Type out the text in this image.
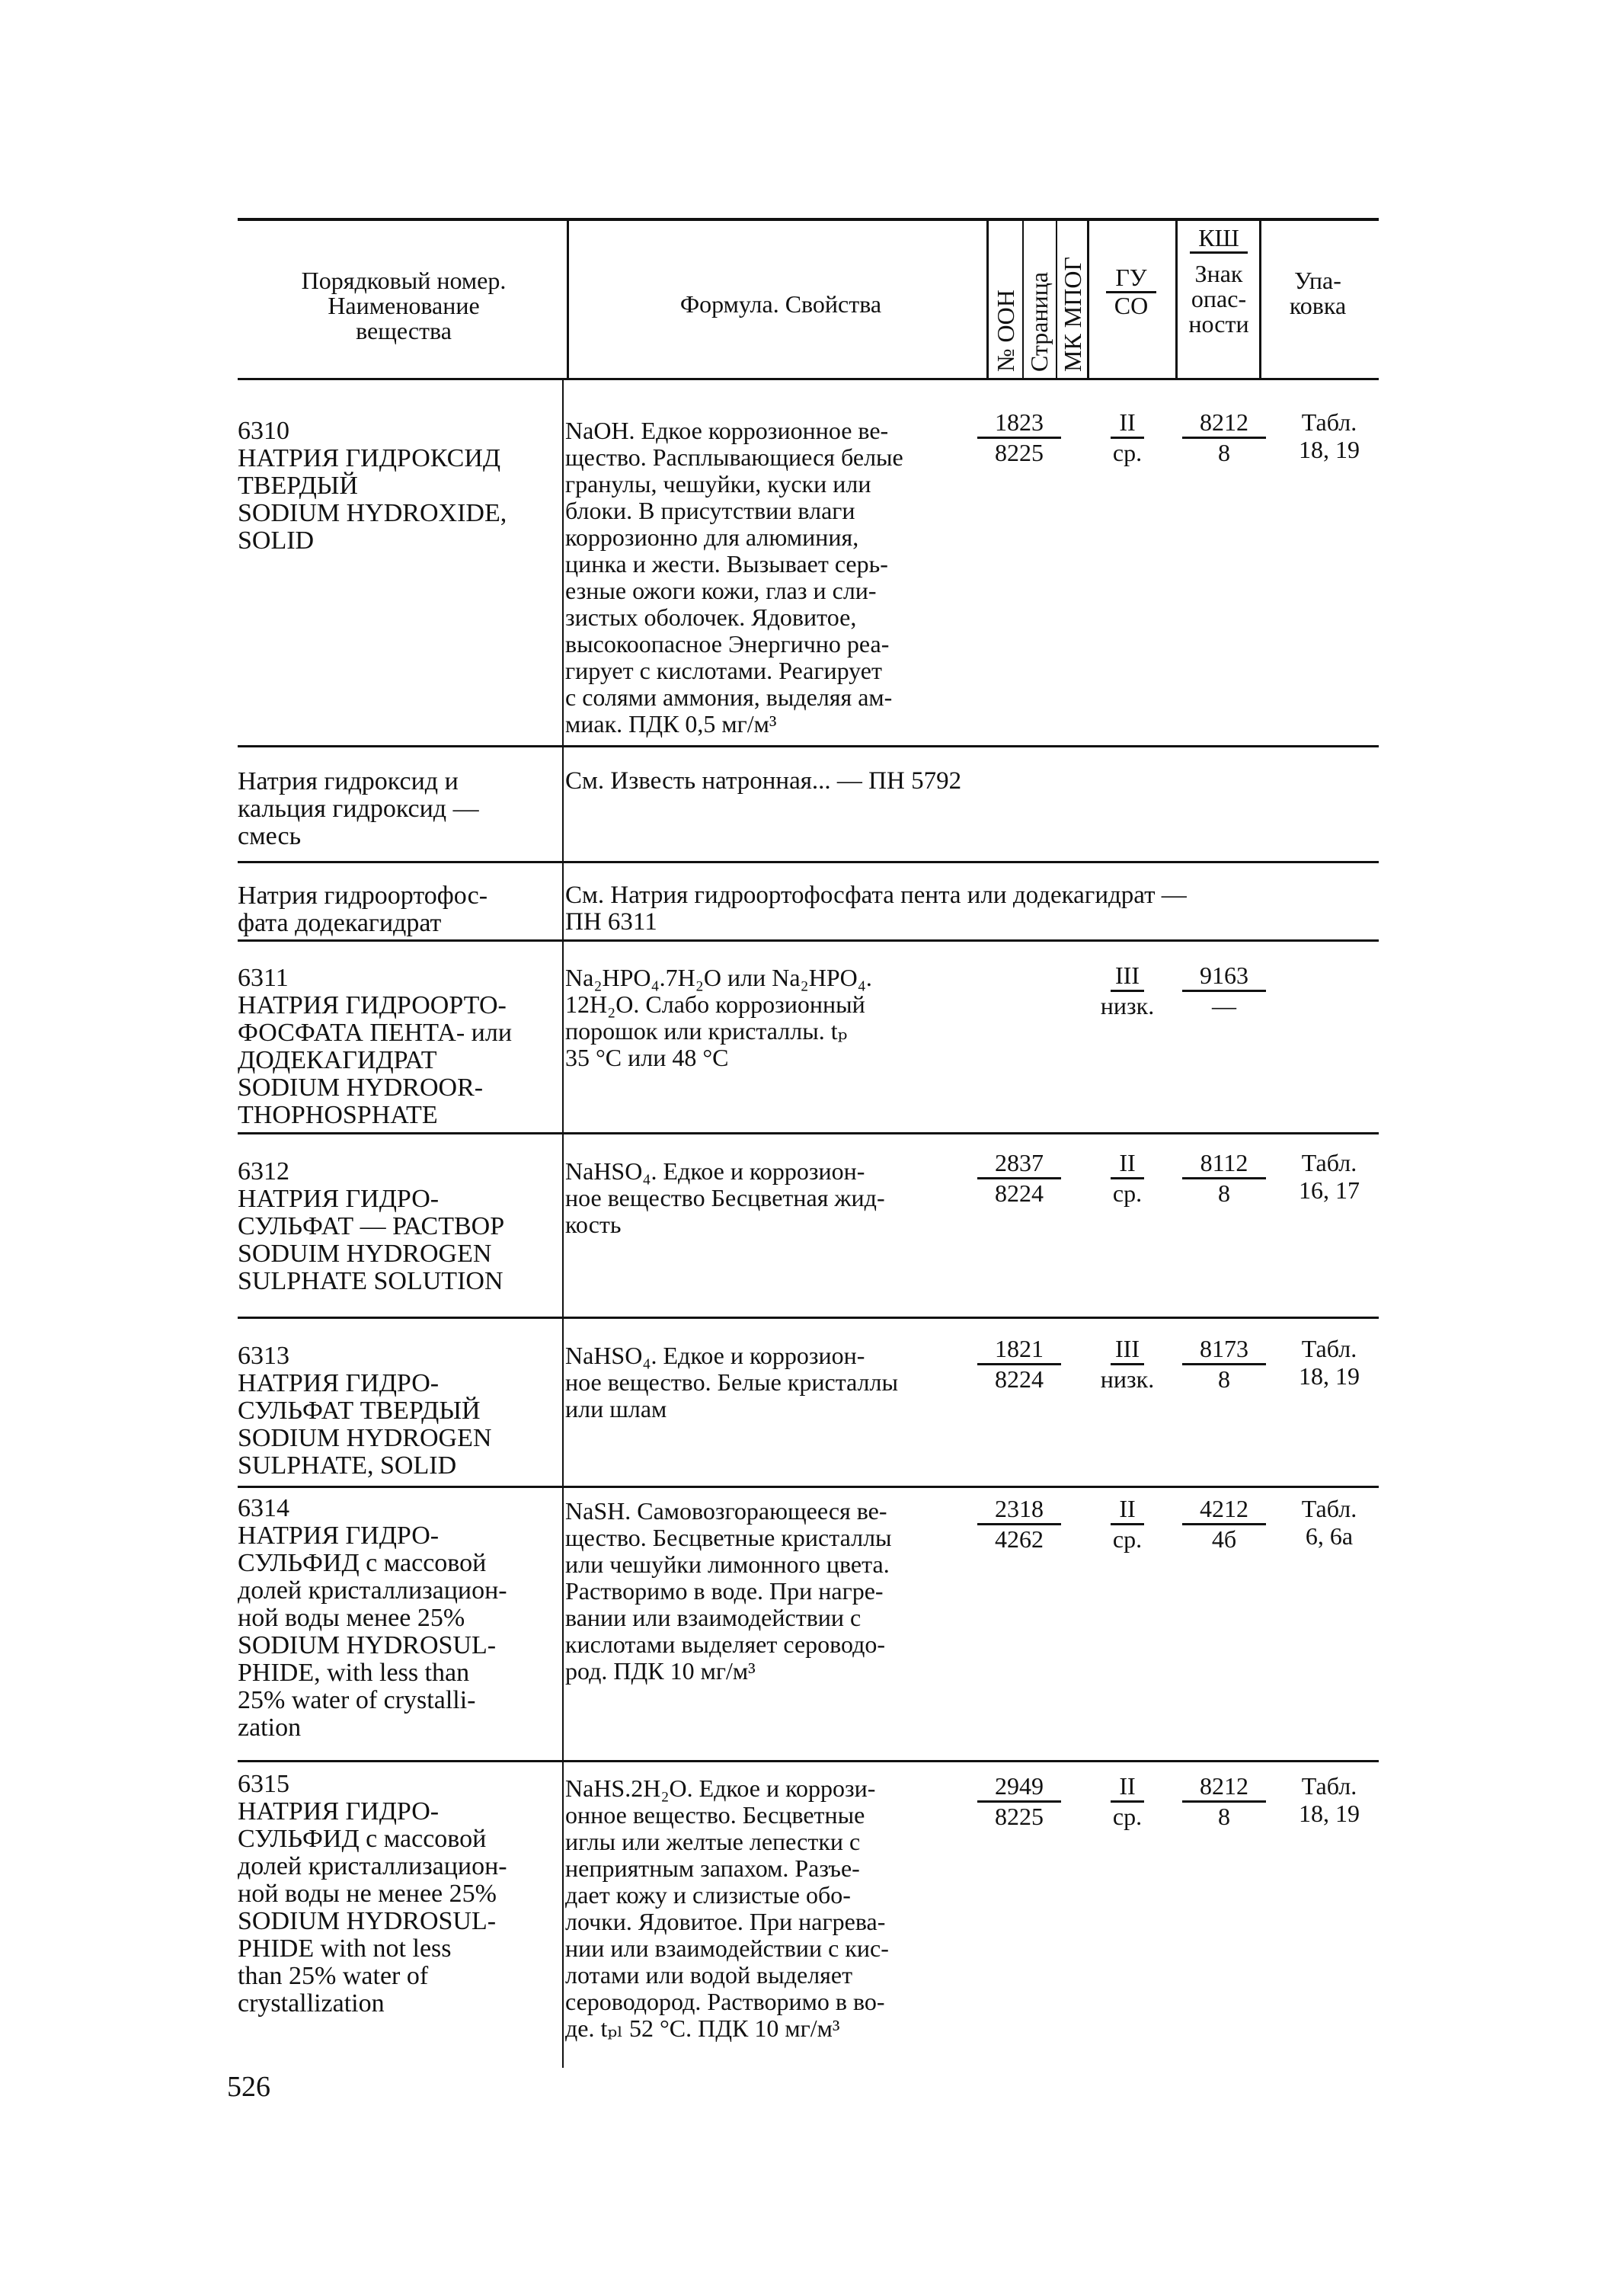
Порядковый номер.
Наименование
вещества
Формула. Свойства	№ ООН Страница МК МПОГ	ГУ
СО
КШ
Знак
опас-
ности
Упа-
ковка
6310
НАТРИЯ ГИДРОКСИД
ТВЕРДЫЙ
SODIUM HYDROXIDE,
SOLID
NaOH. Едкое коррозионное ве-
щество. Расплывающиеся белые
гранулы, чешуйки, куски или
блоки. В присутствии влаги
коррозионно для алюминия,
цинка и жести. Вызывает серь-
езные ожоги кожи, глаз и сли-
зистых оболочек. Ядовитое,
высокоопасное Энергично реа-
гирует с кислотами. Реагирует
с солями аммония, выделяя ам-
миак. ПДК 0,5 мг/м³
1823
8225
II
ср.
8212
8
Табл.
18, 19
Натрия гидроксид и
кальция гидроксид —
смесь
См. Известь натронная... — ПН 5792
Натрия гидроортофос-
фата додекагидрат
См. Натрия гидроортофосфата пента или додекагидрат —
ПН 6311
6311
НАТРИЯ ГИДРООРТО-
ФОСФАТА ПЕНТА- или
ДОДЕКАГИДРАТ
SODIUM HYDROOR-
THOPHOSPHATE
Na₂HPO₄.7H₂O или Na₂HPO₄.
12H₂O. Слабо коррозионный
порошок или кристаллы. tₚ
35 °С или 48 °С
III
низк.
9163
—
6312
НАТРИЯ ГИДРО-
СУЛЬФАТ — РАСТВОР
SODUIM HYDROGEN
SULPHATE SOLUTION
NaHSO₄. Едкое и коррозион-
ное вещество Бесцветная жид-
кость
2837
8224
II
ср.
8112
8
Табл.
16, 17
6313
НАТРИЯ ГИДРО-
СУЛЬФАТ ТВЕРДЫЙ
SODIUM HYDROGEN
SULPHATE, SOLID
NaHSO₄. Едкое и коррозион-
ное вещество. Белые кристаллы
или шлам
1821
8224
III
низк.
8173
8
Табл.
18, 19
6314
НАТРИЯ ГИДРО-
СУЛЬФИД с массовой
долей кристаллизацион-
ной воды менее 25%
SODIUM HYDROSUL-
PHIDE, with less than
25% water of crystalli-
zation
NaSH. Самовозгорающееся ве-
щество. Бесцветные кристаллы
или чешуйки лимонного цвета.
Растворимо в воде. При нагре-
вании или взаимодействии с
кислотами выделяет сероводо-
род. ПДК 10 мг/м³
2318
4262
II
ср.
4212
4б
Табл.
6, 6а
6315
НАТРИЯ ГИДРО-
СУЛЬФИД с массовой
долей кристаллизацион-
ной воды не менее 25%
SODIUM HYDROSUL-
PHIDE with not less
than 25% water of
crystallization
NaHS.2H₂O. Едкое и коррози-
онное вещество. Бесцветные
иглы или желтые лепестки с
неприятным запахом. Разъе-
дает кожу и слизистые обо-
лочки. Ядовитое. При нагрева-
нии или взаимодействии с кис-
лотами или водой выделяет
сероводород. Растворимо в во-
де. tₚₗ 52 °С. ПДК 10 мг/м³
2949
8225
II
ср.
8212
8
Табл.
18, 19
526
